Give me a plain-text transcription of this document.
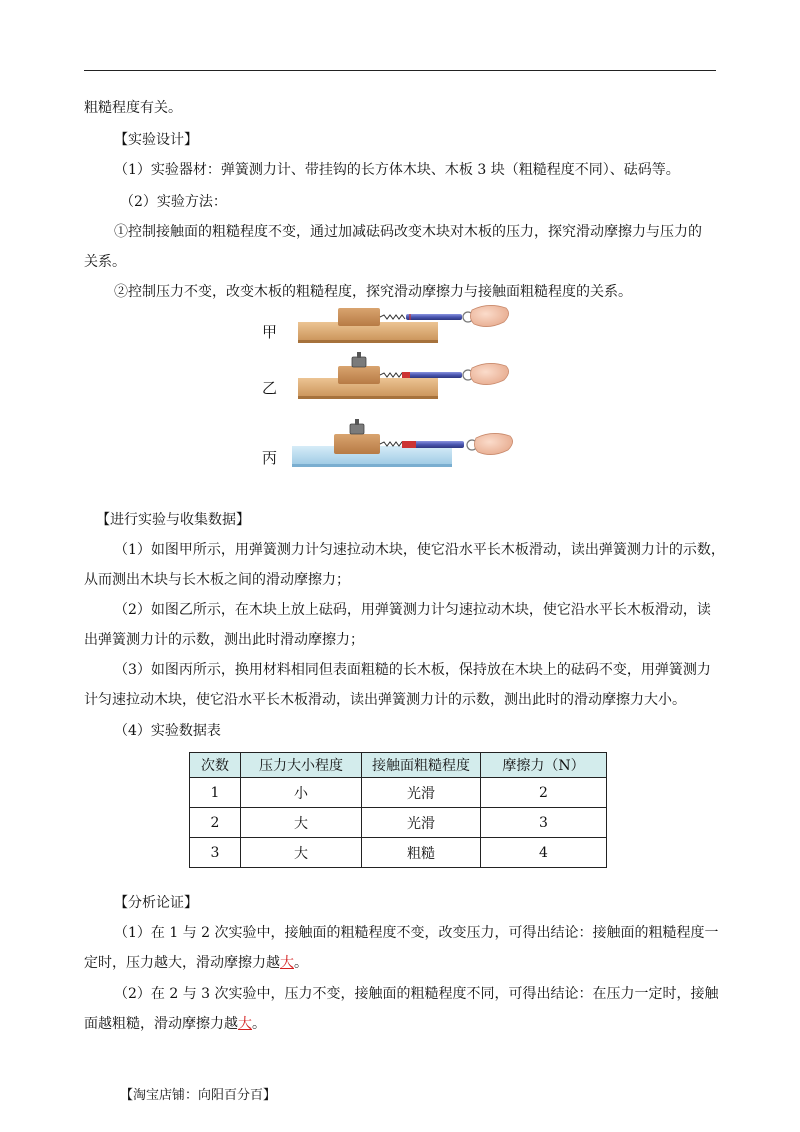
粗糙程度有关。
【实验设计】
（1）实验器材：弹簧测力计、带挂钩的长方体木块、木板 3 块（粗糙程度不同）、砝码等。
（2）实验方法：
①控制接触面的粗糙程度不变，通过加减砝码改变木块对木板的压力，探究滑动摩擦力与压力的
关系。
②控制压力不变，改变木板的粗糙程度，探究滑动摩擦力与接触面粗糙程度的关系。
甲
乙
丙
【进行实验与收集数据】
（1）如图甲所示，用弹簧测力计匀速拉动木块，使它沿水平长木板滑动，读出弹簧测力计的示数，
从而测出木块与长木板之间的滑动摩擦力；
（2）如图乙所示，在木块上放上砝码，用弹簧测力计匀速拉动木块，使它沿水平长木板滑动，读
出弹簧测力计的示数，测出此时滑动摩擦力；
（3）如图丙所示，换用材料相同但表面粗糙的长木板，保持放在木块上的砝码不变，用弹簧测力
计匀速拉动木块，使它沿水平长木板滑动，读出弹簧测力计的示数，测出此时的滑动摩擦力大小。
（4）实验数据表
次数	压力大小程度	接触面粗糙程度	摩擦力（N）
1	小	光滑	2
2	大	光滑	3
3	大	粗糙	4
【分析论证】
（1）在 1 与 2 次实验中，接触面的粗糙程度不变，改变压力，可得出结论：接触面的粗糙程度一
定时，压力越大，滑动摩擦力越大。
（2）在 2 与 3 次实验中，压力不变，接触面的粗糙程度不同，可得出结论：在压力一定时，接触
面越粗糙，滑动摩擦力越大。
【淘宝店铺：向阳百分百】
